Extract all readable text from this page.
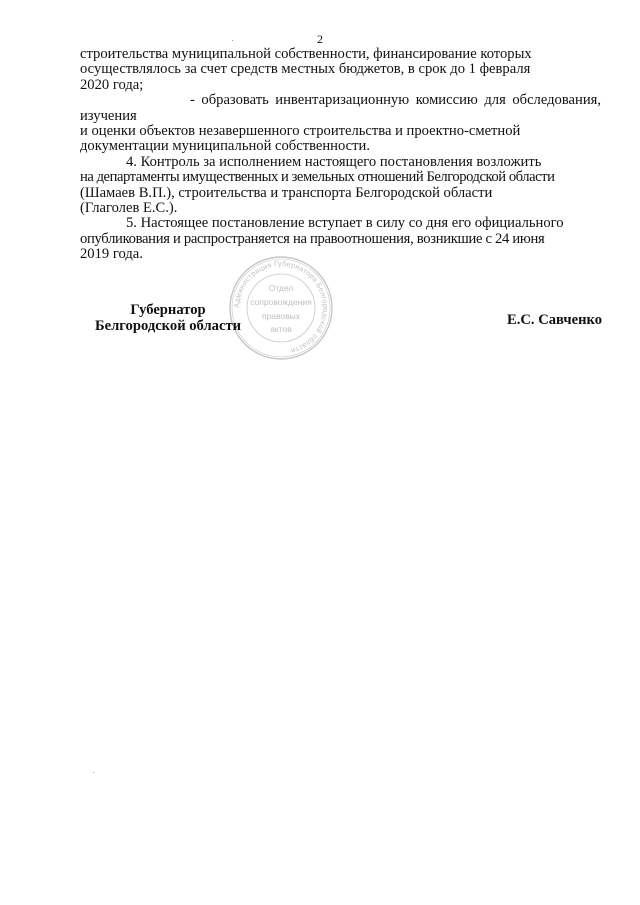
2

строительства муниципальной собственности, финансирование которых

осуществлялось за счет средств местных бюджетов, в срок до 1 февраля

2020 года;

- образовать инвентаризационную комиссию для обследования, изучения

и оценки объектов незавершенного строительства и проектно-сметной

документации муниципальной собственности.

4. Контроль за исполнением настоящего постановления возложить

на департаменты имущественных и земельных отношений Белгородской области

(Шамаев В.П.), строительства и транспорта Белгородской области

(Глаголев Е.С.).

5. Настоящее постановление вступает в силу со дня его официального

опубликования и распространяется на правоотношения, возникшие с 24 июня

2019 года.

Администрация Губернатора Белгородской области
Отдел
сопровождения
правовых
актов
Губернатор
Белгородской области	Е.С. Савченко
